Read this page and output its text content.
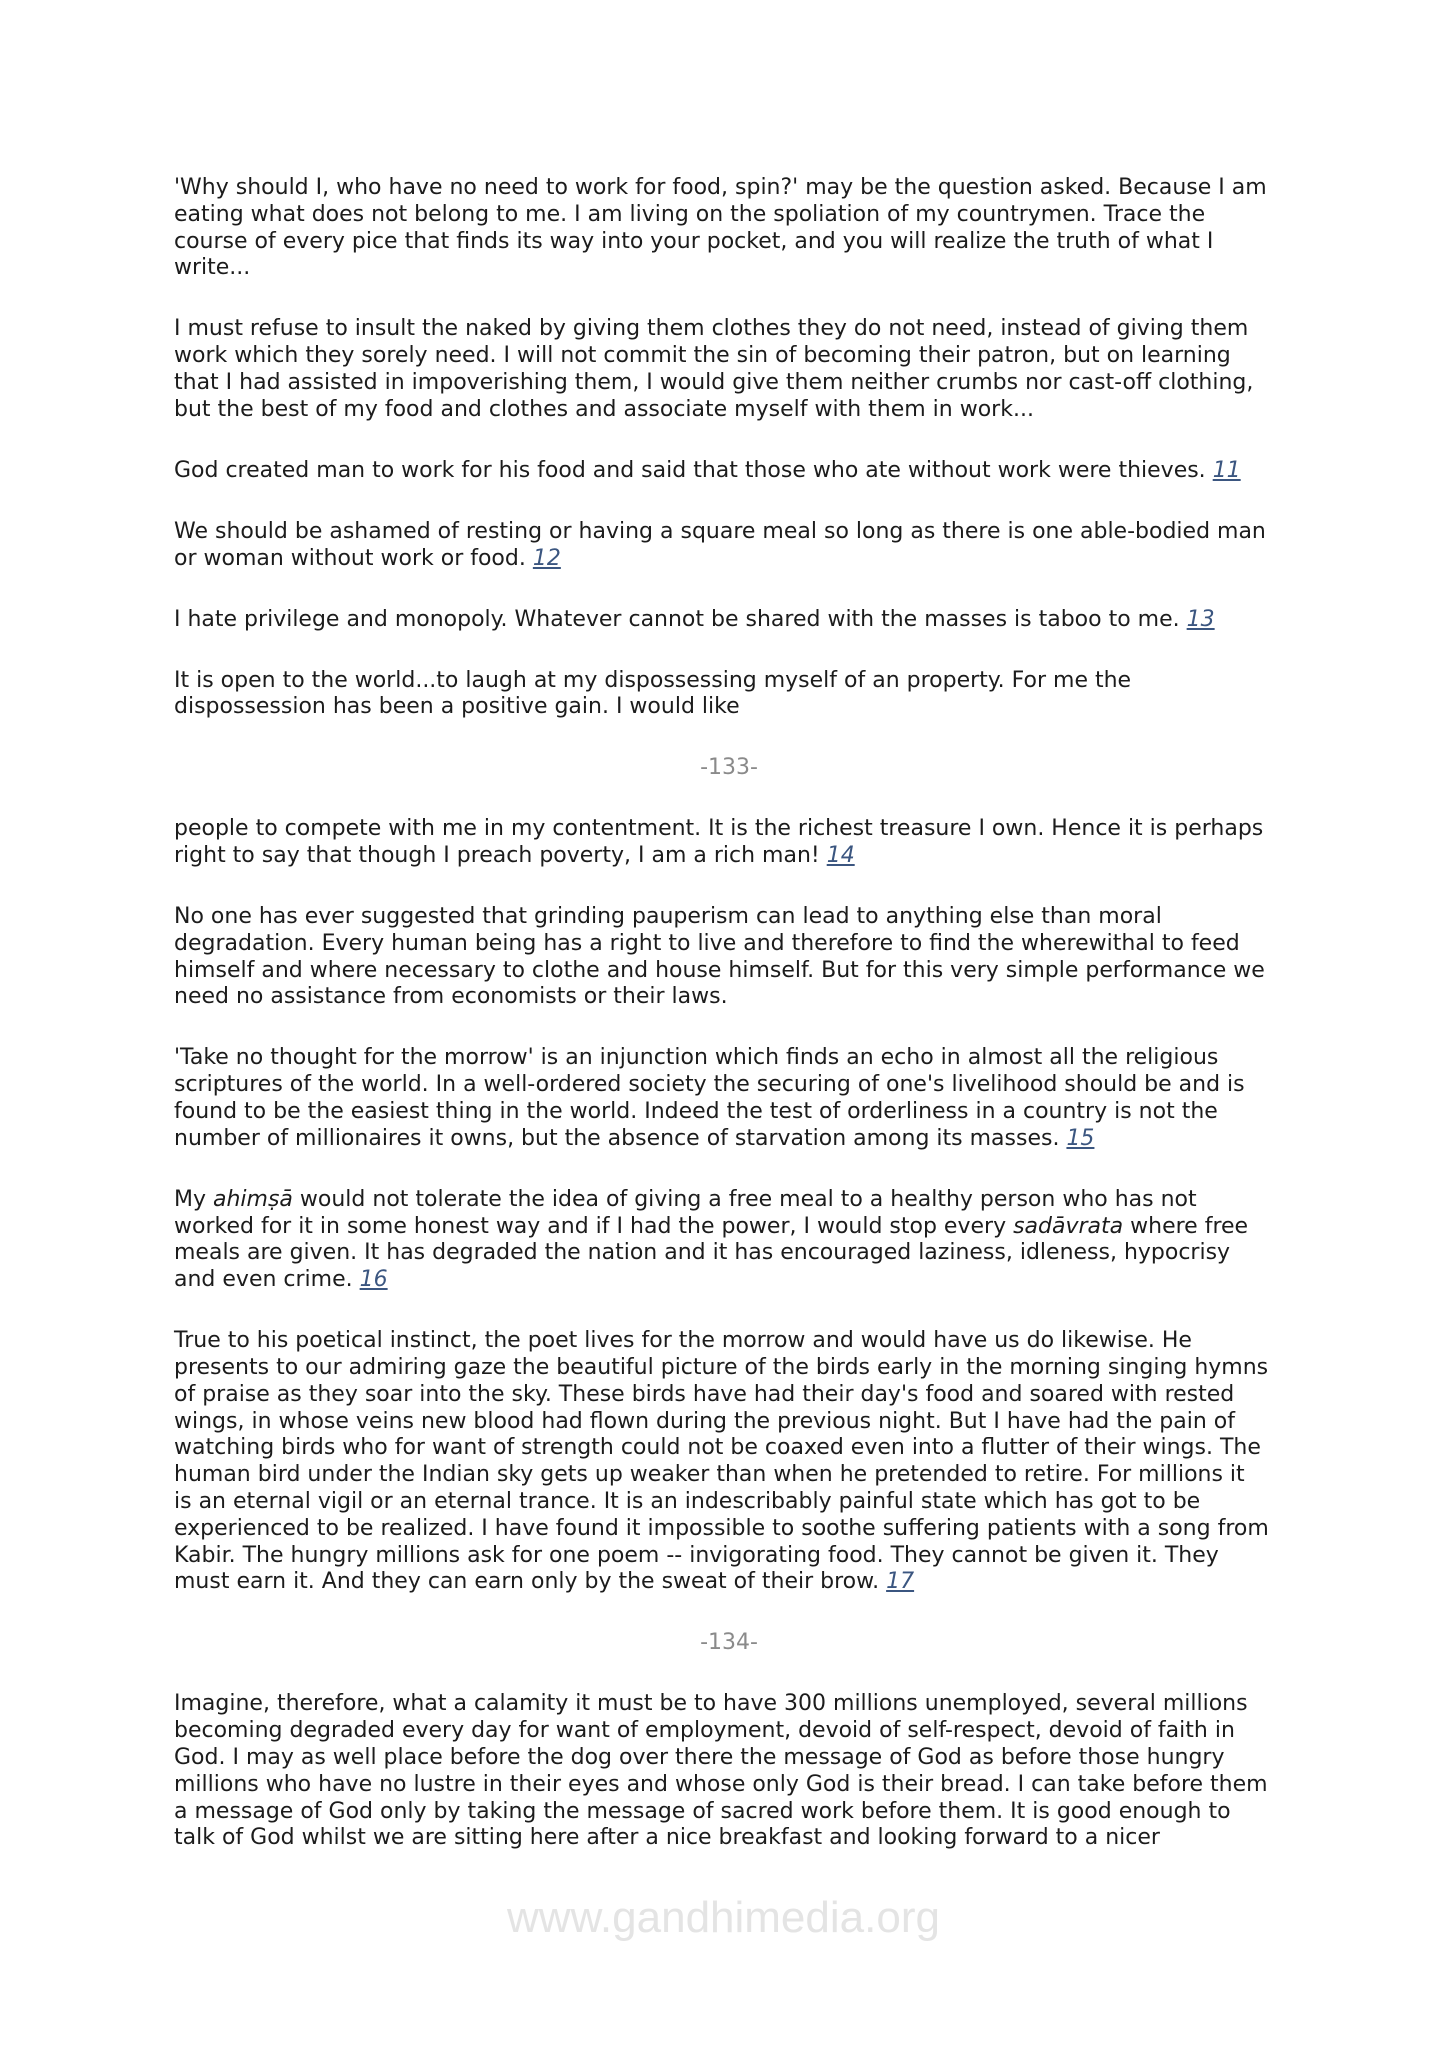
'Why should I, who have no need to work for food, spin?' may be the question asked. Because I am
eating what does not belong to me. I am living on the spoliation of my countrymen. Trace the
course of every pice that finds its way into your pocket, and you will realize the truth of what I
write...

I must refuse to insult the naked by giving them clothes they do not need, instead of giving them
work which they sorely need. I will not commit the sin of becoming their patron, but on learning
that I had assisted in impoverishing them, I would give them neither crumbs nor cast-off clothing,
but the best of my food and clothes and associate myself with them in work...

God created man to work for his food and said that those who ate without work were thieves. 11

We should be ashamed of resting or having a square meal so long as there is one able-bodied man
or woman without work or food. 12

I hate privilege and monopoly. Whatever cannot be shared with the masses is taboo to me. 13

It is open to the world...to laugh at my dispossessing myself of an property. For me the
dispossession has been a positive gain. I would like

-133-

people to compete with me in my contentment. It is the richest treasure I own. Hence it is perhaps
right to say that though I preach poverty, I am a rich man! 14

No one has ever suggested that grinding pauperism can lead to anything else than moral
degradation. Every human being has a right to live and therefore to find the wherewithal to feed
himself and where necessary to clothe and house himself. But for this very simple performance we
need no assistance from economists or their laws.

'Take no thought for the morrow' is an injunction which finds an echo in almost all the religious
scriptures of the world. In a well-ordered society the securing of one's livelihood should be and is
found to be the easiest thing in the world. Indeed the test of orderliness in a country is not the
number of millionaires it owns, but the absence of starvation among its masses. 15

My ahimṣā would not tolerate the idea of giving a free meal to a healthy person who has not
worked for it in some honest way and if I had the power, I would stop every sadāvrata where free
meals are given. It has degraded the nation and it has encouraged laziness, idleness, hypocrisy
and even crime. 16

True to his poetical instinct, the poet lives for the morrow and would have us do likewise. He
presents to our admiring gaze the beautiful picture of the birds early in the morning singing hymns
of praise as they soar into the sky. These birds have had their day's food and soared with rested
wings, in whose veins new blood had flown during the previous night. But I have had the pain of
watching birds who for want of strength could not be coaxed even into a flutter of their wings. The
human bird under the Indian sky gets up weaker than when he pretended to retire. For millions it
is an eternal vigil or an eternal trance. It is an indescribably painful state which has got to be
experienced to be realized. I have found it impossible to soothe suffering patients with a song from
Kabir. The hungry millions ask for one poem -- invigorating food. They cannot be given it. They
must earn it. And they can earn only by the sweat of their brow. 17

-134-

Imagine, therefore, what a calamity it must be to have 300 millions unemployed, several millions
becoming degraded every day for want of employment, devoid of self-respect, devoid of faith in
God. I may as well place before the dog over there the message of God as before those hungry
millions who have no lustre in their eyes and whose only God is their bread. I can take before them
a message of God only by taking the message of sacred work before them. It is good enough to
talk of God whilst we are sitting here after a nice breakfast and looking forward to a nicer

www.gandhimedia.org
